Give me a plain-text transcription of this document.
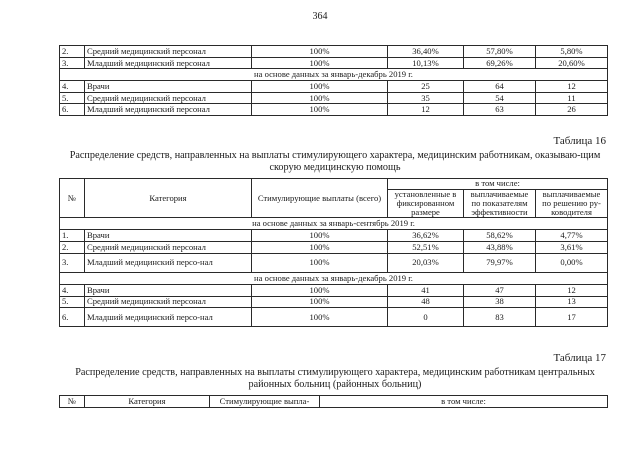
364
2.	Средний медицинский персонал	100%	36,40%	57,80%	5,80%
3.	Младший медицинский персонал	100%	10,13%	69,26%	20,60%
на основе данных за январь-декабрь 2019 г.					
4.	Врачи	100%	25	64	12
5.	Средний медицинский персонал	100%	35	54	11
6.	Младший медицинский персонал	100%	12	63	26
Таблица 16
Распределение средств, направленных на выплаты стимулирующего характера, медицинским работникам, оказываю-щим скорую медицинскую помощь
№	Категория	Стимулирующие выплаты (всего)	в том числе:		
			установленные в фиксированном размере	выплачиваемые по показателям эффективности	выплачиваемые по решению ру-ководителя
на основе данных за январь-сентябрь 2019 г.					
1.	Врачи	100%	36,62%	58,62%	4,77%
2.	Средний медицинский персонал	100%	52,51%	43,88%	3,61%
3.	Младший медицинский персо-нал	100%	20,03%	79,97%	0,00%
на основе данных за январь-декабрь 2019 г.					
4.	Врачи	100%	41	47	12
5.	Средний медицинский персонал	100%	48	38	13
6.	Младший медицинский персо-нал	100%	0	83	17
Таблица 17
Распределение средств, направленных на выплаты стимулирующего характера, медицинским работникам центральных районных больниц (районных больниц)
№	Категория	Стимулирующие выпла-	в том числе:
